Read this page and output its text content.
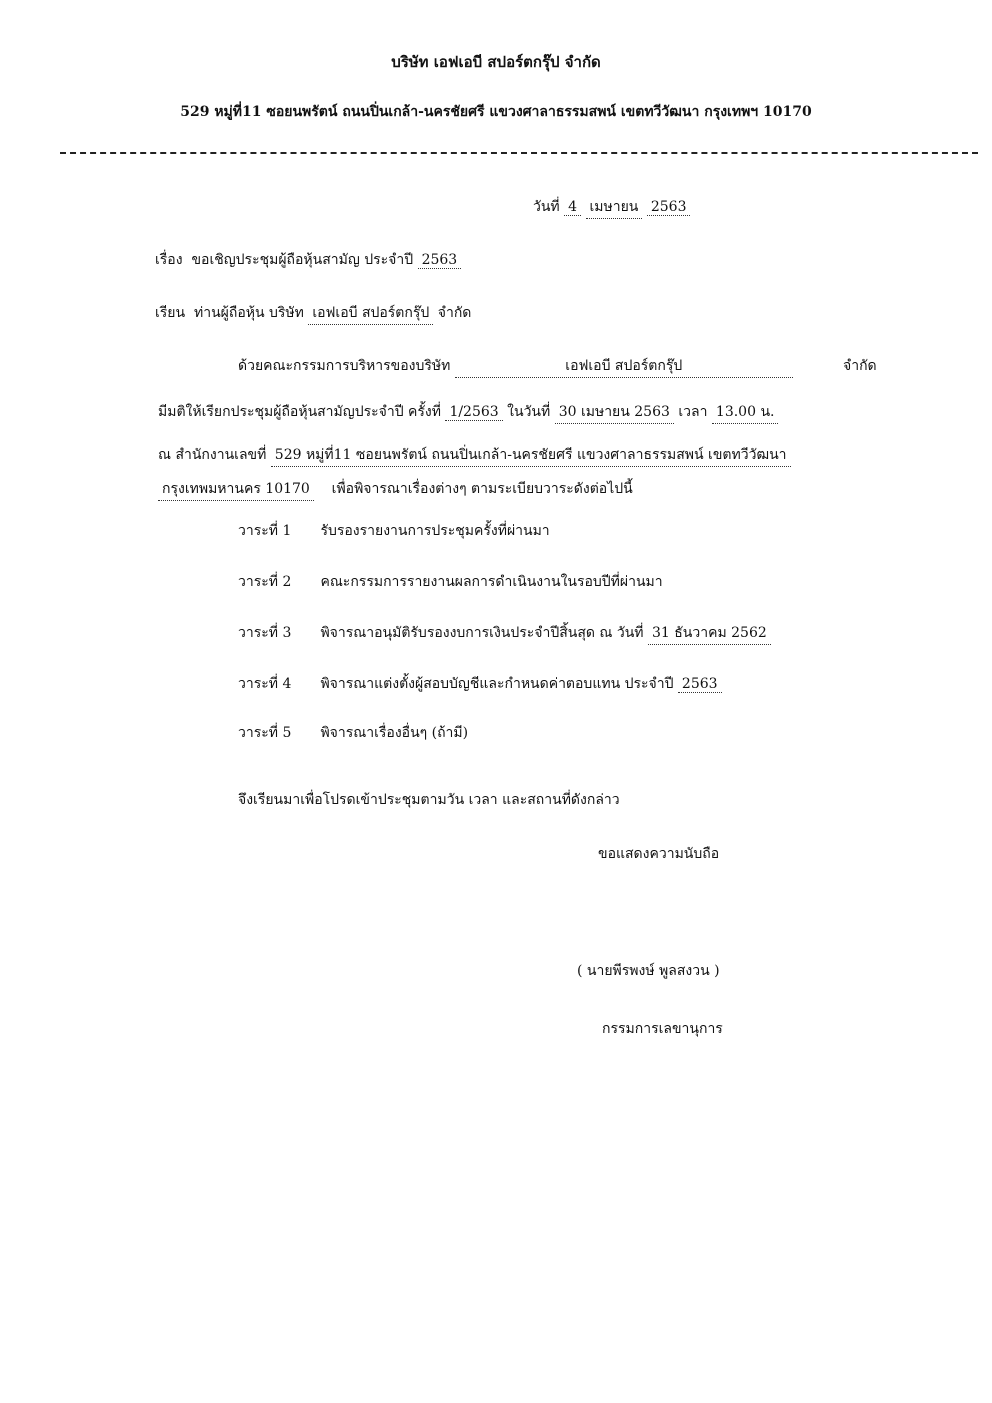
บริษัท เอฟเอบี สปอร์ตกรุ๊ป จำกัด
529 หมู่ที่11 ซอยนพรัตน์ ถนนปิ่นเกล้า-นครชัยศรี แขวงศาลาธรรมสพน์ เขตทวีวัฒนา กรุงเทพฯ 10170
วันที่ 4 เมษายน 2563
เรื่อง ขอเชิญประชุมผู้ถือหุ้นสามัญ ประจำปี 2563
เรียน ท่านผู้ถือหุ้น บริษัท เอฟเอบี สปอร์ตกรุ๊ป จำกัด
ด้วยคณะกรรมการบริหารของบริษัท	เอฟเอบี สปอร์ตกรุ๊ป	จำกัด
มีมติให้เรียกประชุมผู้ถือหุ้นสามัญประจำปี ครั้งที่ 1/2563 ในวันที่ 30 เมษายน 2563 เวลา 13.00 น.
ณ สำนักงานเลขที่ 529 หมู่ที่11 ซอยนพรัตน์ ถนนปิ่นเกล้า-นครชัยศรี แขวงศาลาธรรมสพน์ เขตทวีวัฒนา
กรุงเทพมหานคร 10170 เพื่อพิจารณาเรื่องต่างๆ ตามระเบียบวาระดังต่อไปนี้
วาระที่ 1 รับรองรายงานการประชุมครั้งที่ผ่านมา
วาระที่ 2 คณะกรรมการรายงานผลการดำเนินงานในรอบปีที่ผ่านมา
วาระที่ 3 พิจารณาอนุมัติรับรองงบการเงินประจำปีสิ้นสุด ณ วันที่ 31 ธันวาคม 2562
วาระที่ 4 พิจารณาแต่งตั้งผู้สอบบัญชีและกำหนดค่าตอบแทน ประจำปี 2563
วาระที่ 5 พิจารณาเรื่องอื่นๆ (ถ้ามี)
จึงเรียนมาเพื่อโปรดเข้าประชุมตามวัน เวลา และสถานที่ดังกล่าว
ขอแสดงความนับถือ
( นายพีรพงษ์ พูลสงวน )
กรรมการเลขานุการ
